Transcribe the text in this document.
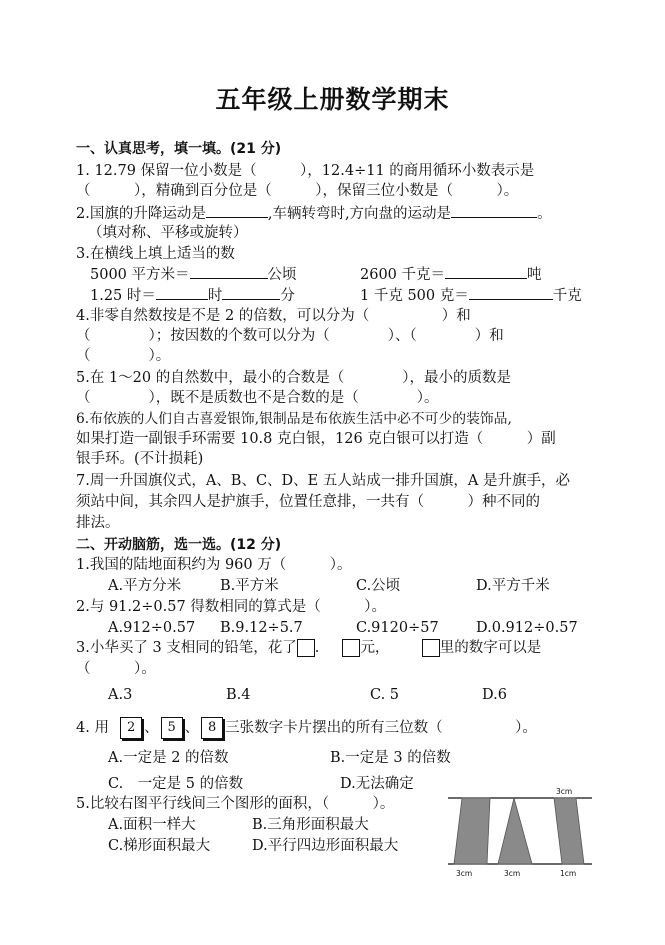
五年级上册数学期末
一、认真思考，填一填。(21 分)
1. 12.79 保留一位小数是（　　　），12.4÷11 的商用循环小数表示是
（　　　），精确到百分位是（　　　），保留三位小数是（　　　）。
2.国旗的升降运动是	,车辆转弯时,方向盘的运动是	。
（填对称、平移或旋转）
3.在横线上填上适当的数
5000 平方米＝	公顷	2600 千克＝	吨
1.25 时＝	时	分	1 千克 500 克＝	千克
4.非零自然数按是不是 2 的倍数，可以分为（　　　　　）和
（　　　　）；按因数的个数可以分为（　　　　）、（　　　　）和
（　　　　）。
5.在 1～20 的自然数中，最小的合数是（　　　　），最小的质数是
（　　　　），既不是质数也不是合数的是（　　　　）。
6.布依族的人们自古喜爱银饰,银制品是布依族生活中必不可少的装饰品,
如果打造一副银手环需要 10.8 克白银，126 克白银可以打造（　　　）副
银手环。(不计损耗)
7.周一升国旗仪式，A、B、C、D、E 五人站成一排升国旗，A 是升旗手，必
须站中间，其余四人是护旗手，位置任意排，一共有（　　　）种不同的
排法。
二、开动脑筋，选一选。(12 分)
1.我国的陆地面积约为 960 万（　　　）。
A.平方分米	B.平方米	C.公顷	D.平方千米
2.与 91.2÷0.57 得数相同的算式是（　　　）。
A.912÷0.57 B.9.12÷5.7	C.9120÷57	D.0.912÷0.57
3.小华买了 3 支相同的铅笔，花了 .	元，	里的数字可以是
（　　　）。
A.3	B.4	C. 5	D.6
4. 用 2 、 5 、 8 三张数字卡片摆出的所有三位数（　　　　　）。
A.一定是 2 的倍数	B.一定是 3 的倍数
C.　一定是 5 的倍数	D.无法确定
5.比较右图平行线间三个图形的面积，（　　　）。
A.面积一样大	B.三角形面积最大
C.梯形面积最大	D.平行四边形面积最大
3cm
3cm	3cm	1cm
